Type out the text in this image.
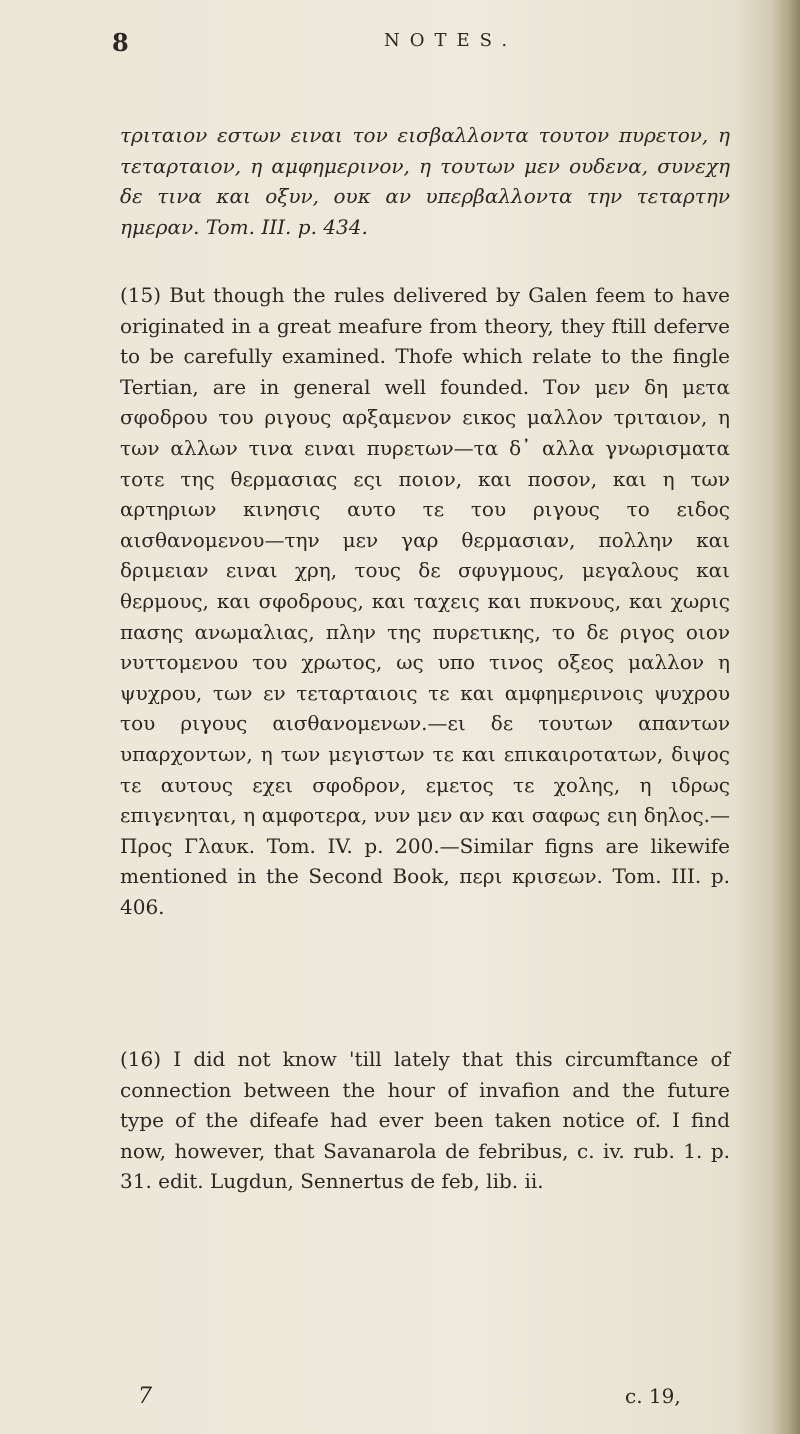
8	NOTES.

τριταιον εστων ειναι τον εισβαλλοντα τουτον πυρετον, η τεταρταιον, η αμφημερινον, η τουτων μεν ουδενα, συνεχη δε τινα και οξυν, ουκ αν υπερβαλλοντα την τεταρτην ημεραν. Tom. III. p. 434.

(15) But though the rules delivered by Galen feem to have originated in a great meafure from theory, they ftill deferve to be carefully examined. Thofe which relate to the fingle Tertian, are in general well founded. Τον μεν δη μετα σφοδρου του ριγους αρξαμενον εικος μαλλον τριταιον, η των αλλων τινα ειναι πυρετων—τα δ᾽ αλλα γνωρισματα τοτε της θερμασιας εςι ποιον, και ποσον, και η των αρτηριων κινησις αυτο τε του ριγους το ειδος αισθανομενου—την μεν γαρ θερμασιαν, πολλην και δριμειαν ειναι χρη, τους δε σφυγμους, μεγαλους και θερμους, και σφοδρους, και ταχεις και πυκνους, και χωρις πασης ανωμαλιας, πλην της πυρετικης, το δε ριγος οιον νυττομενου του χρωτος, ως υπο τινος οξεος μαλλον η ψυχρου, των εν τεταρταιοις τε και αμφημερινοις ψυχρου του ριγους αισθανομενων.—ει δε τουτων απαντων υπαρχοντων, η των μεγιστων τε και επικαιροτατων, διψος τε αυτους εχει σφοδρον, εμετος τε χολης, η ιδρως επιγενηται, η αμφοτερα, νυν μεν αν και σαφως ειη δηλος.—Προς Γλαυκ. Tom. IV. p. 200.—Similar figns are likewife mentioned in the Second Book, περι κρισεων. Tom. III. p. 406.

(16) I did not know 'till lately that this circumftance of connection between the hour of invafion and the future type of the difeafe had ever been taken notice of. I find now, however, that Savanarola de febribus, c. iv. rub. 1. p. 31. edit. Lugdun, Sennertus de feb, lib. ii.

7	c. 19,
